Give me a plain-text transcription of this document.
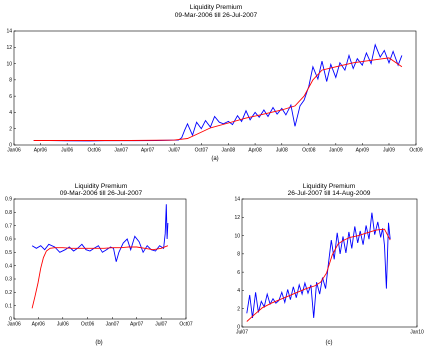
Liquidity Premium
09-Mar-2006 till 26-Jul-2007
0
2
4
6
8
10
12
14
Jan06	Apr06	Jul06	Oct06	Jan07	Apr07	Jul07	Oct07	Jan08	Apr08	Jul08	Oct08	Jan09	Apr09	Jul09	Oct09
(a)
Liquidity Premium
09-Mar-2006 till 26-Jul-2007
0
0.1
0.2
0.3
0.4
0.5
0.6
0.7
0.8
0.9
Jan06 Apr06 Jul06 Oct06 Jan07 Apr07 Jul07 Oct07
(b)
Liquidity Premium
26-Jul-2007 till 14-Aug-2009
0
2
4
6
8
10
12
14
Jul07	Jan10
(c)
